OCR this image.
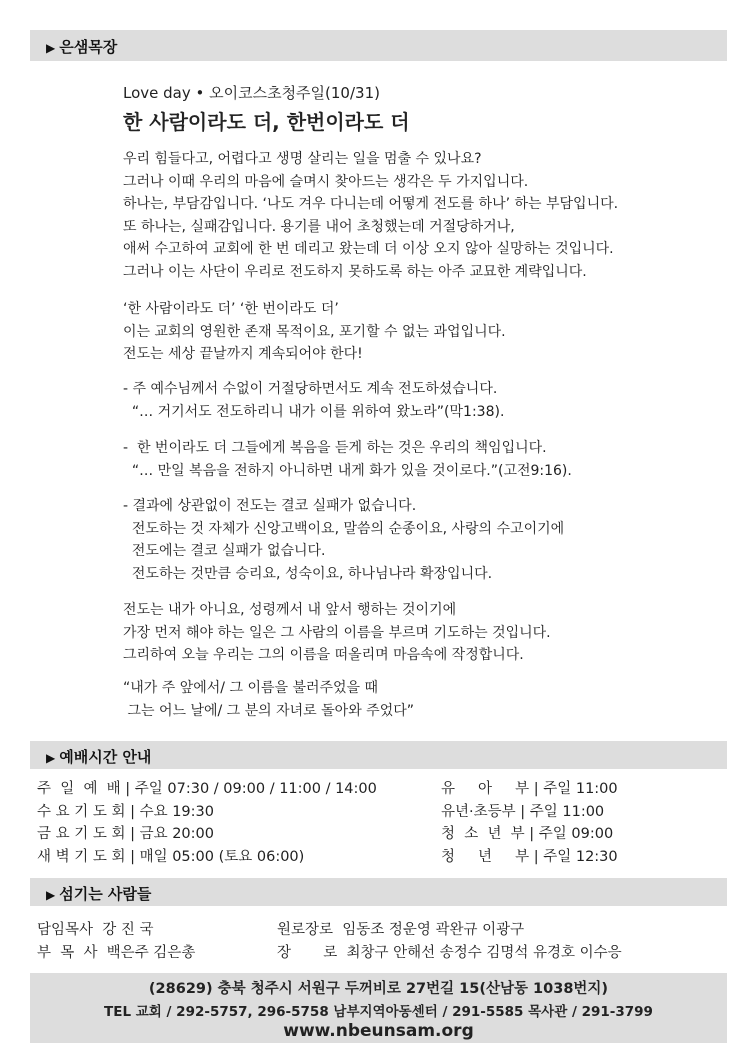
▶ 은샘목장
Love day • 오이코스초청주일(10/31)
한 사람이라도 더, 한번이라도 더
우리 힘들다고, 어렵다고 생명 살리는 일을 멈출 수 있나요?
그러나 이때 우리의 마음에 슬며시 찾아드는 생각은 두 가지입니다.
하나는, 부담감입니다. ‘나도 겨우 다니는데 어떻게 전도를 하나’ 하는 부담입니다.
또 하나는, 실패감입니다. 용기를 내어 초청했는데 거절당하거나,
애써 수고하여 교회에 한 번 데리고 왔는데 더 이상 오지 않아 실망하는 것입니다.
그러나 이는 사단이 우리로 전도하지 못하도록 하는 아주 교묘한 계략입니다.
‘한 사람이라도 더’ ‘한 번이라도 더’
이는 교회의 영원한 존재 목적이요, 포기할 수 없는 과업입니다.
전도는 세상 끝날까지 계속되어야 한다!
- 주 예수님께서 수없이 거절당하면서도 계속 전도하셨습니다.
“… 거기서도 전도하리니 내가 이를 위하여 왔노라”(막1:38).
-  한 번이라도 더 그들에게 복음을 듣게 하는 것은 우리의 책임입니다.
“… 만일 복음을 전하지 아니하면 내게 화가 있을 것이로다.”(고전9:16).
- 결과에 상관없이 전도는 결코 실패가 없습니다.
전도하는 것 자체가 신앙고백이요, 말씀의 순종이요, 사랑의 수고이기에
전도에는 결코 실패가 없습니다.
전도하는 것만큼 승리요, 성숙이요, 하나님나라 확장입니다.
전도는 내가 아니요, 성령께서 내 앞서 행하는 것이기에
가장 먼저 해야 하는 일은 그 사람의 이름을 부르며 기도하는 것입니다.
그리하여 오늘 우리는 그의 이름을 떠올리며 마음속에 작정합니다.
“내가 주 앞에서/ 그 이름을 불러주었을 때
그는 어느 날에/ 그 분의 자녀로 돌아와 주었다”
▶ 예배시간 안내
주  일  예  배 | 주일 07:30 / 09:00 / 11:00 / 14:00
수 요 기 도 회 | 수요 19:30
금 요 기 도 회 | 금요 20:00
새 벽 기 도 회 | 매일 05:00 (토요 06:00)
유     아     부 | 주일 11:00
유년·초등부 | 주일 11:00
청  소  년  부 | 주일 09:00
청     년     부 | 주일 12:30
▶ 섬기는 사람들
담임목사  강 진 국
부  목  사  백은주 김은총
원로장로  임동조 정운영 곽완규 이광구
장       로  최창구 안해선 송정수 김명석 유경호 이수응
(28629) 충북 청주시 서원구 두꺼비로 27번길 15(산남동 1038번지)
TEL 교회 / 292-5757, 296-5758 남부지역아동센터 / 291-5585 목사관 / 291-3799
www.nbeunsam.org
